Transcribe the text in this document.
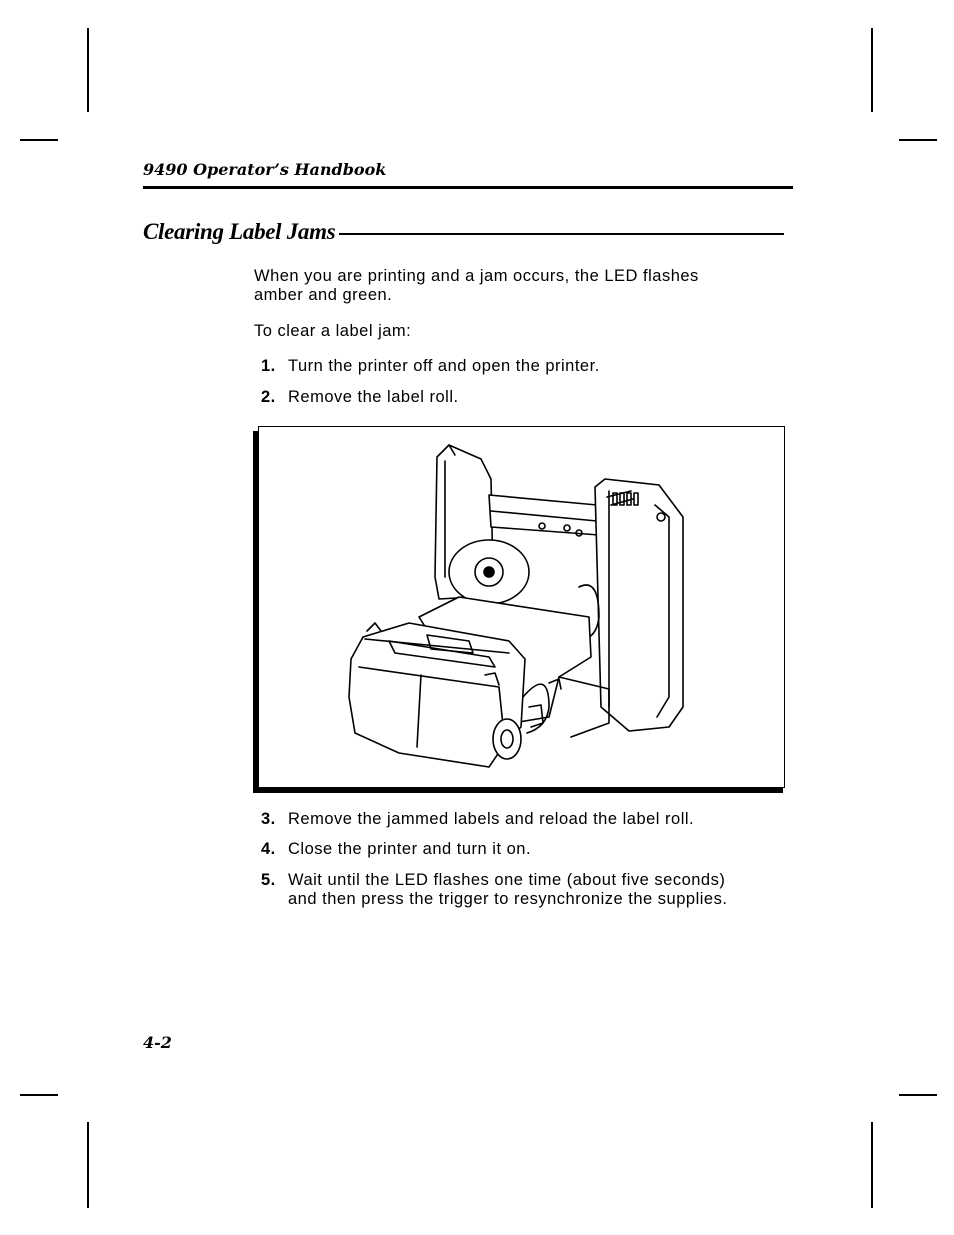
9490 Operator’s Handbook
Clearing Label Jams

When you are printing and a jam occurs, the LED flashes

amber and green.

To clear a label jam:

1. Turn the printer off and open the printer.
2. Remove the label roll.
3. Remove the jammed labels and reload the label roll.
4. Close the printer and turn it on.
5. Wait until the LED flashes one time (about five seconds)
and then press the trigger to resynchronize the supplies.
4-2
